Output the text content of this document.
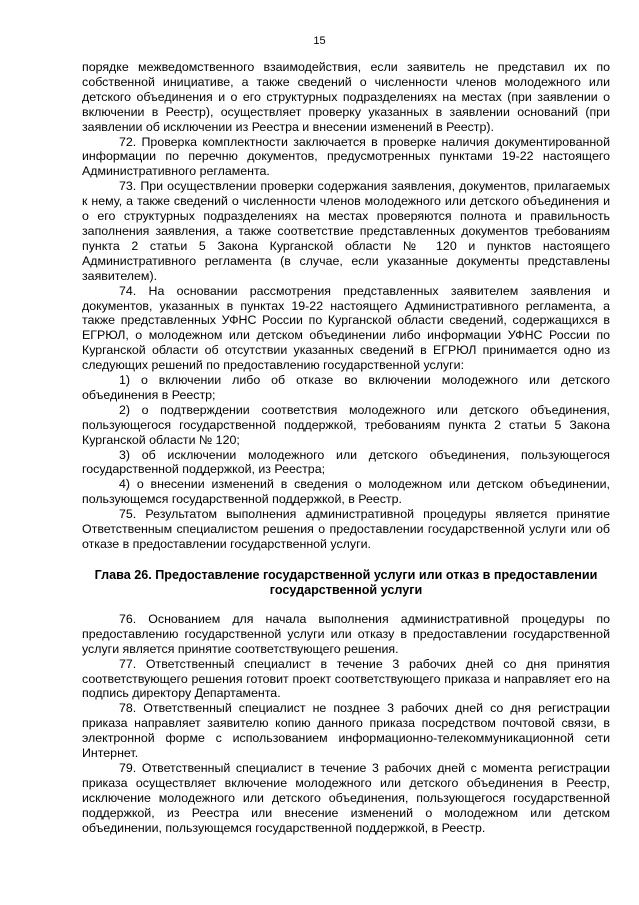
15

порядке межведомственного взаимодействия, если заявитель не представил их по собственной инициативе, а также сведений о численности членов молодежного или детского объединения и о его структурных подразделениях на местах (при заявлении о включении в Реестр), осуществляет проверку указанных в заявлении оснований (при заявлении об исключении из Реестра и внесении изменений в Реестр).

72. Проверка комплектности заключается в проверке наличия документированной информации по перечню документов, предусмотренных пунктами 19-22 настоящего Административного регламента.

73. При осуществлении проверки содержания заявления, документов, прилагаемых к нему, а также сведений о численности членов молодежного или детского объединения и о его структурных подразделениях на местах проверяются полнота и правильность заполнения заявления, а также соответствие представленных документов требованиям пункта 2 статьи 5 Закона Курганской области № 120 и пунктов настоящего Административного регламента (в случае, если указанные документы представлены заявителем).

74. На основании рассмотрения представленных заявителем заявления и документов, указанных в пунктах 19-22 настоящего Административного регламента, а также представленных УФНС России по Курганской области сведений, содержащихся в ЕГРЮЛ, о молодежном или детском объединении либо информации УФНС России по Курганской области об отсутствии указанных сведений в ЕГРЮЛ принимается одно из следующих решений по предоставлению государственной услуги:

1) о включении либо об отказе во включении молодежного или детского объединения в Реестр;

2) о подтверждении соответствия молодежного или детского объединения, пользующегося государственной поддержкой, требованиям пункта 2 статьи 5 Закона Курганской области № 120;

3) об исключении молодежного или детского объединения, пользующегося государственной поддержкой, из Реестра;

4) о внесении изменений в сведения о молодежном или детском объединении, пользующемся государственной поддержкой, в Реестр.

75. Результатом выполнения административной процедуры является принятие Ответственным специалистом решения о предоставлении государственной услуги или об отказе в предоставлении государственной услуги.

Глава 26. Предоставление государственной услуги или отказ в предоставлении государственной услуги

76. Основанием для начала выполнения административной процедуры по предоставлению государственной услуги или отказу в предоставлении государственной услуги является принятие соответствующего решения.

77. Ответственный специалист в течение 3 рабочих дней со дня принятия соответствующего решения готовит проект соответствующего приказа и направляет его на подпись директору Департамента.

78. Ответственный специалист не позднее 3 рабочих дней со дня регистрации приказа направляет заявителю копию данного приказа посредством почтовой связи, в электронной форме с использованием информационно-телекоммуникационной сети Интернет.

79. Ответственный специалист в течение 3 рабочих дней с момента регистрации приказа осуществляет включение молодежного или детского объединения в Реестр, исключение молодежного или детского объединения, пользующегося государственной поддержкой, из Реестра или внесение изменений о молодежном или детском объединении, пользующемся государственной поддержкой, в Реестр.
